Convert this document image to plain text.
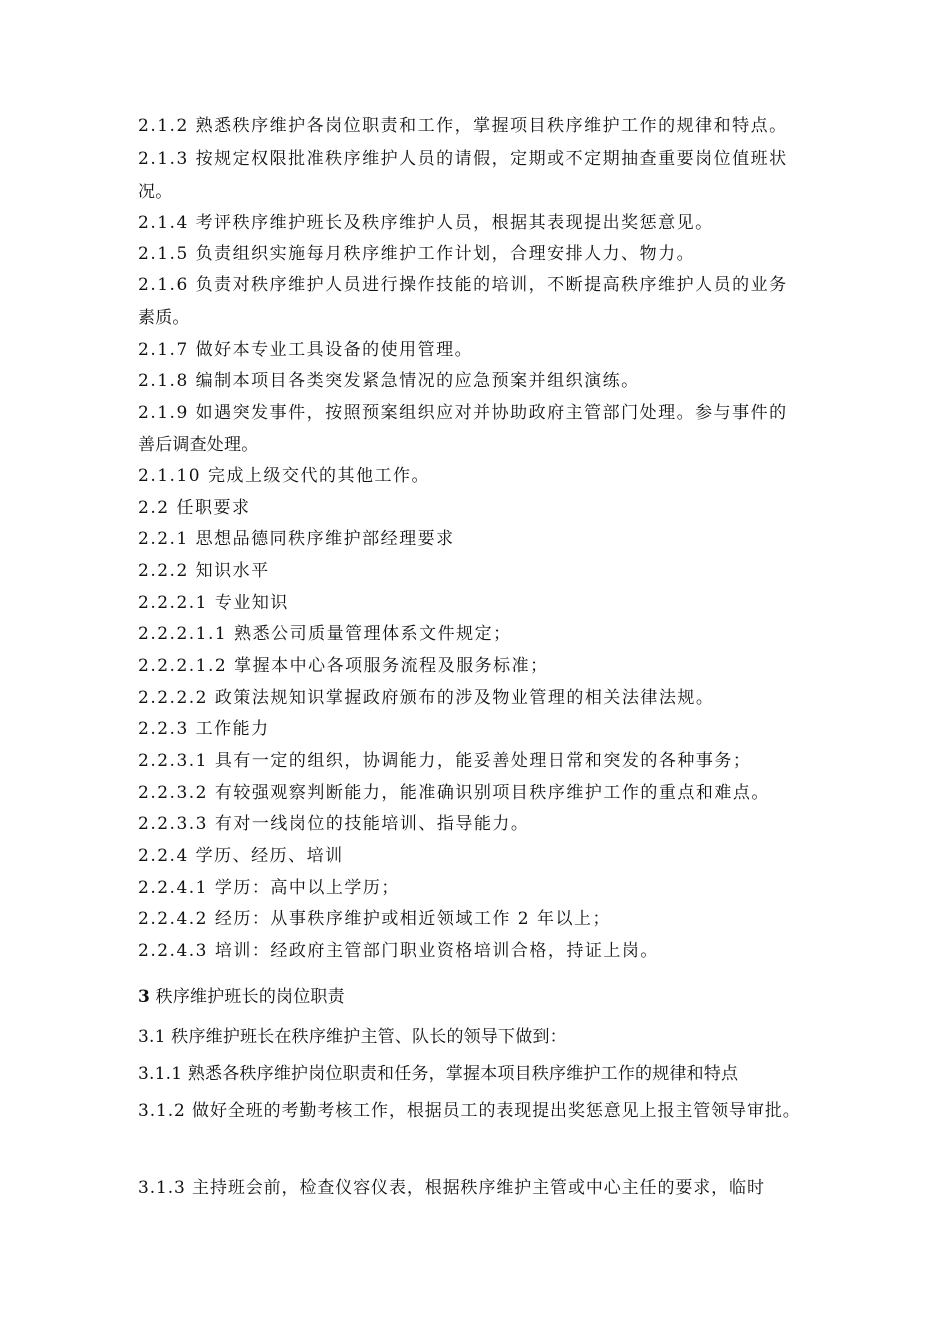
2.1.2 熟悉秩序维护各岗位职责和工作，掌握项目秩序维护工作的规律和特点。
2.1.3 按规定权限批准秩序维护人员的请假，定期或不定期抽查重要岗位值班状
况。
2.1.4 考评秩序维护班长及秩序维护人员，根据其表现提出奖惩意见。
2.1.5 负责组织实施每月秩序维护工作计划，合理安排人力、物力。
2.1.6 负责对秩序维护人员进行操作技能的培训，不断提高秩序维护人员的业务
素质。
2.1.7 做好本专业工具设备的使用管理。
2.1.8 编制本项目各类突发紧急情况的应急预案并组织演练。
2.1.9 如遇突发事件，按照预案组织应对并协助政府主管部门处理。参与事件的
善后调查处理。
2.1.10 完成上级交代的其他工作。
2.2 任职要求
2.2.1 思想品德同秩序维护部经理要求
2.2.2 知识水平
2.2.2.1 专业知识
2.2.2.1.1 熟悉公司质量管理体系文件规定；
2.2.2.1.2 掌握本中心各项服务流程及服务标准；
2.2.2.2 政策法规知识掌握政府颁布的涉及物业管理的相关法律法规。
2.2.3 工作能力
2.2.3.1 具有一定的组织，协调能力，能妥善处理日常和突发的各种事务；
2.2.3.2 有较强观察判断能力，能准确识别项目秩序维护工作的重点和难点。
2.2.3.3 有对一线岗位的技能培训、指导能力。
2.2.4 学历、经历、培训
2.2.4.1 学历：高中以上学历；
2.2.4.2 经历：从事秩序维护或相近领域工作 2 年以上；
2.2.4.3 培训：经政府主管部门职业资格培训合格，持证上岗。
3 秩序维护班长的岗位职责
3.1 秩序维护班长在秩序维护主管、队长的领导下做到：
3.1.1 熟悉各秩序维护岗位职责和任务，掌握本项目秩序维护工作的规律和特点
3.1.2 做好全班的考勤考核工作，根据员工的表现提出奖惩意见上报主管领导审批。
3.1.3 主持班会前，检查仪容仪表，根据秩序维护主管或中心主任的要求，临时
